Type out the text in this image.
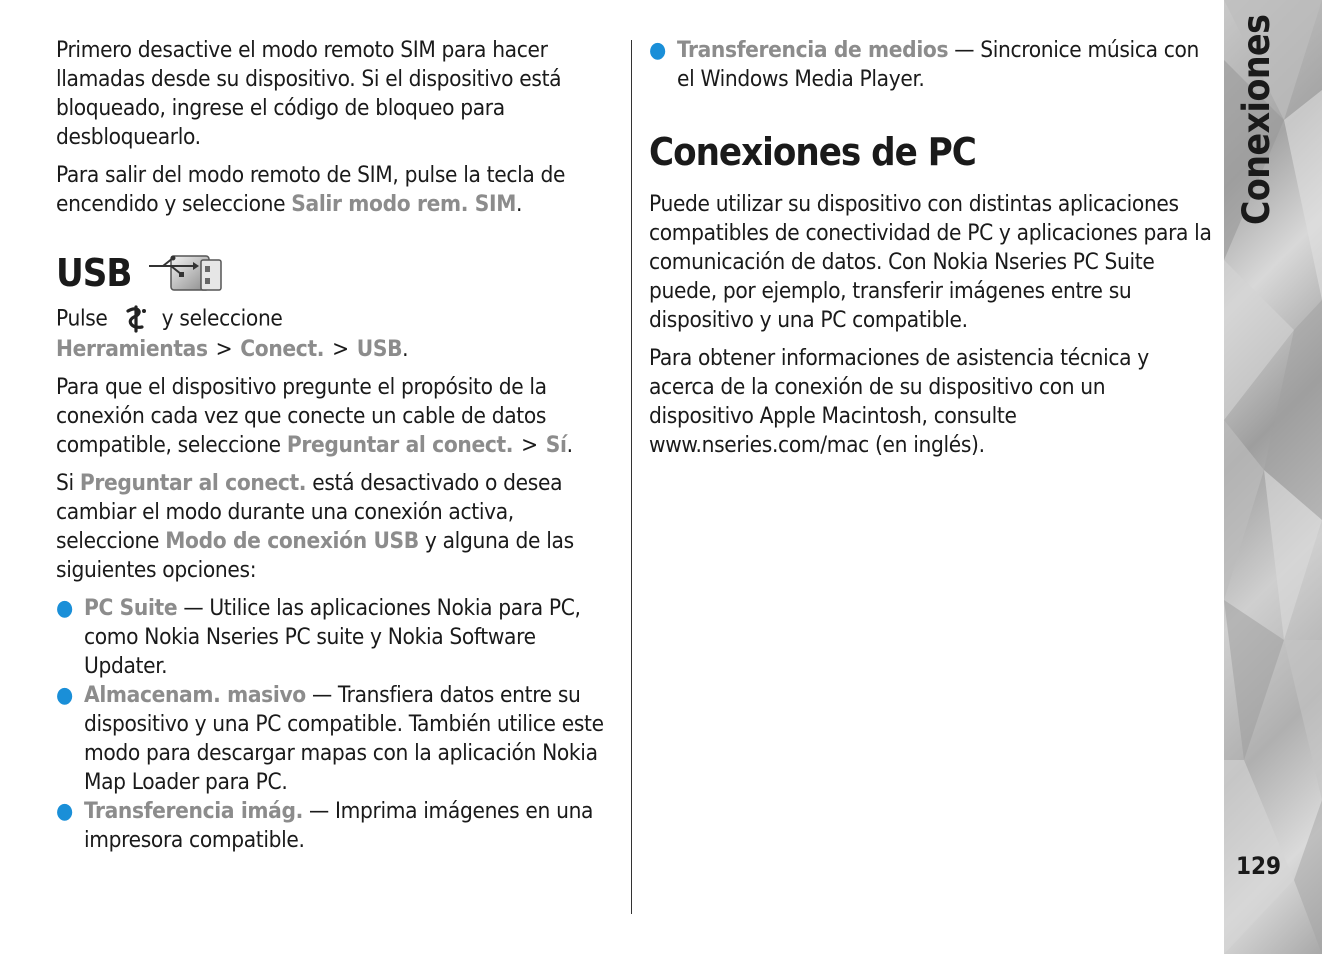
Primero desactive el modo remoto SIM para hacer llamadas desde su dispositivo. Si el dispositivo está bloqueado, ingrese el código de bloqueo para desbloquearlo.

Para salir del modo remoto de SIM, pulse la tecla de encendido y seleccione Salir modo rem. SIM.

USB

Pulse  y seleccione Herramientas > Conect. > USB.

Para que el dispositivo pregunte el propósito de la conexión cada vez que conecte un cable de datos compatible, seleccione Preguntar al conect. > Sí.

Si Preguntar al conect. está desactivado o desea cambiar el modo durante una conexión activa, seleccione Modo de conexión USB y alguna de las siguientes opciones:

● PC Suite — Utilice las aplicaciones Nokia para PC, como Nokia Nseries PC suite y Nokia Software Updater.
● Almacenam. masivo — Transfiera datos entre su dispositivo y una PC compatible. También utilice este modo para descargar mapas con la aplicación Nokia Map Loader para PC.
● Transferencia imág. — Imprima imágenes en una impresora compatible.
● Transferencia de medios — Sincronice música con el Windows Media Player.
Conexiones de PC

Puede utilizar su dispositivo con distintas aplicaciones compatibles de conectividad de PC y aplicaciones para la comunicación de datos. Con Nokia Nseries PC Suite puede, por ejemplo, transferir imágenes entre su dispositivo y una PC compatible.

Para obtener informaciones de asistencia técnica y acerca de la conexión de su dispositivo con un dispositivo Apple Macintosh, consulte www.nseries.com/mac (en inglés).

Conexiones
129
